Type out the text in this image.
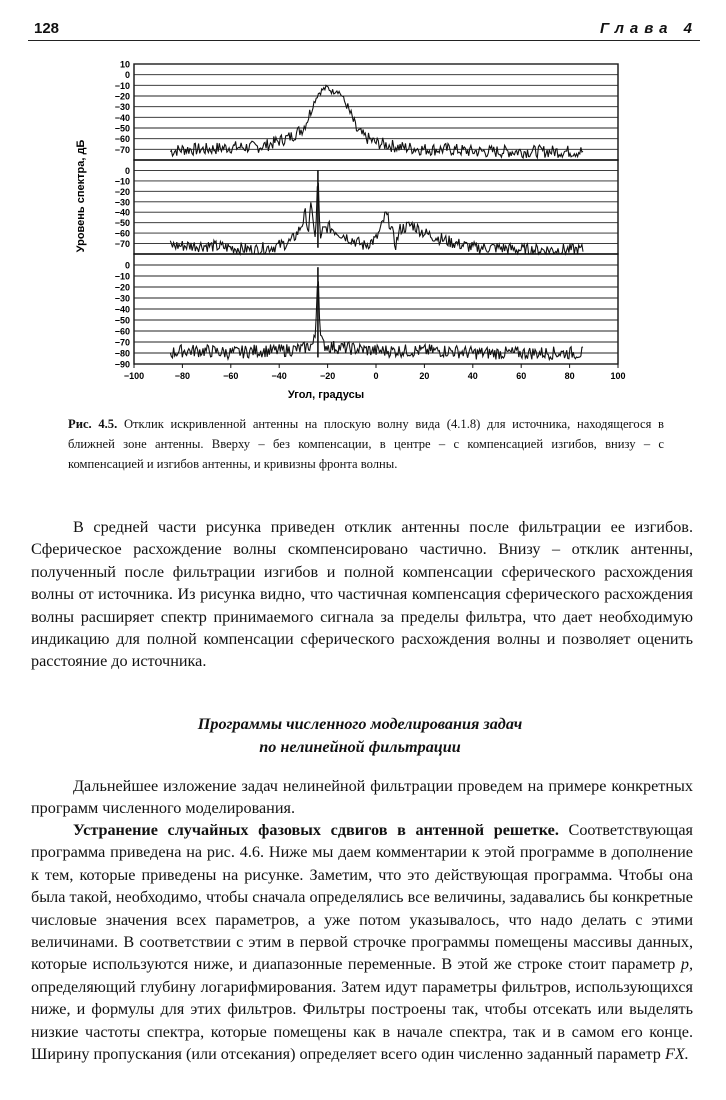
128	Глава 4
Уровень спектра, дБ
Угол, градусы
10
0
−10
−20
−30
−40
−50
−60
−70
0
−10
−20
−30
−40
−50
−60
−70
0
−10
−20
−30
−40
−50
−60
−70
−80
−90
−100	−80	−60	−40	−20	0	20	40	60	80	100
Рис. 4.5. Отклик искривленной антенны на плоскую волну вида (4.1.8) для источника, находящегося в ближней зоне антенны. Вверху – без компенсации, в центре – с компенсацией изгибов, внизу – с компенсацией и изгибов антенны, и кривизны фронта волны.

В средней части рисунка приведен отклик антенны после фильтрации ее изгибов. Сферическое расхождение волны скомпенсировано частично. Внизу – отклик антенны, полученный после фильтрации изгибов и полной компенсации сферического расхождения волны от источника. Из рисунка видно, что частичная компенсация сферического расхождения волны расширяет спектр принимаемого сигнала за пределы фильтра, что дает необходимую индикацию для полной компенсации сферического расхождения волны и позволяет оценить расстояние до источника.

Программы численного моделирования задач
по нелинейной фильтрации

Дальнейшее изложение задач нелинейной фильтрации проведем на примере конкретных программ численного моделирования.

Устранение случайных фазовых сдвигов в антенной решетке. Соответствующая программа приведена на рис. 4.6. Ниже мы даем комментарии к этой программе в дополнение к тем, которые приведены на рисунке. Заметим, что это действующая программа. Чтобы она была такой, необходимо, чтобы сначала определялись все величины, задавались бы конкретные числовые значения всех параметров, а уже потом указывалось, что надо делать с этими величинами. В соответствии с этим в первой строчке программы помещены массивы данных, которые используются ниже, и диапазонные переменные. В этой же строке стоит параметр p, определяющий глубину логарифмирования. Затем идут параметры фильтров, использующихся ниже, и формулы для этих фильтров. Фильтры построены так, чтобы отсекать или выделять низкие частоты спектра, которые помещены как в начале спектра, так и в самом его конце. Ширину пропускания (или отсекания) определяет всего один численно заданный параметр FX.
